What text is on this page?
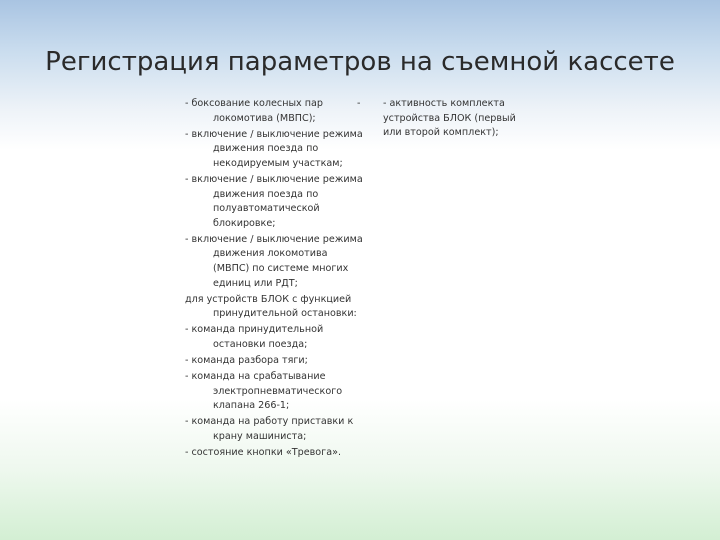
Регистрация параметров на съемной кассете
- боксование колесных пар локомотива (МВПС);
- включение / выключение режима движения поезда по некодируемым участкам;
- включение / выключение режима движения поезда по полуавтоматической блокировке;
- включение / выключение режима движения локомотива (МВПС) по системе многих единиц или РДТ;
для устройств БЛОК с функцией принудительной остановки:
- команда принудительной остановки поезда;
- команда разбора тяги;
- команда на срабатывание электропневматического клапана 266-1;
- команда на работу приставки к крану машиниста;
- состояние кнопки «Тревога».
- - активность комплекта устройства БЛОК (первый или второй комплект);
